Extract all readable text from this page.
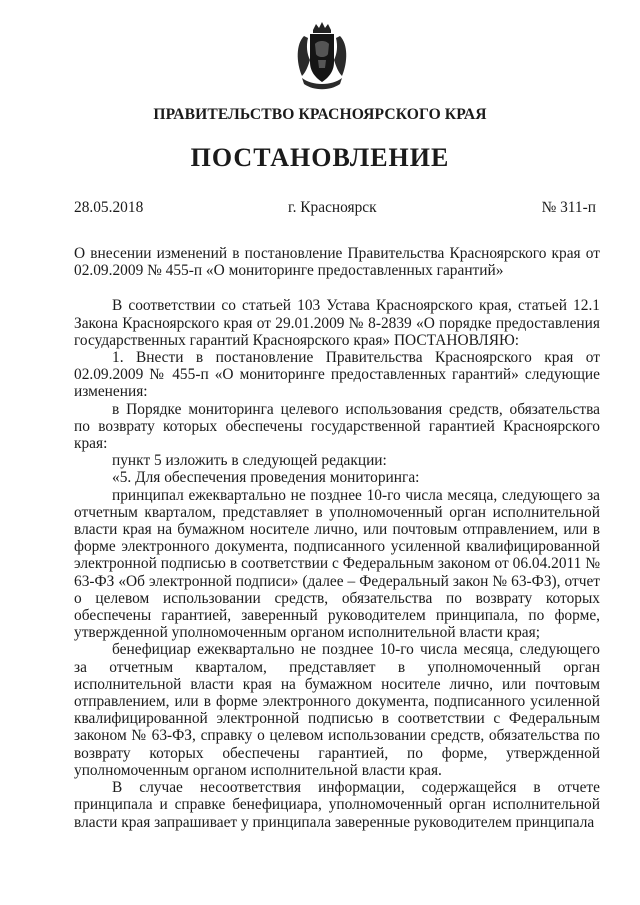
ПРАВИТЕЛЬСТВО КРАСНОЯРСКОГО КРАЯ
ПОСТАНОВЛЕНИЕ
28.05.2018	г. Красноярск	№ 311-п

О внесении изменений в постановление Правительства Красноярского края от 02.09.2009 № 455-п «О мониторинге предоставленных гарантий»

В соответствии со статьей 103 Устава Красноярского края, статьей 12.1 Закона Красноярского края от 29.01.2009 № 8-2839 «О порядке предоставления государственных гарантий Красноярского края» ПОСТАНОВЛЯЮ:

1. Внести в постановление Правительства Красноярского края от 02.09.2009 № 455-п «О мониторинге предоставленных гарантий» следующие изменения:

в Порядке мониторинга целевого использования средств, обязательства по возврату которых обеспечены государственной гарантией Красноярского края:

пункт 5 изложить в следующей редакции:

«5. Для обеспечения проведения мониторинга:

принципал ежеквартально не позднее 10-го числа месяца, следующего за отчетным кварталом, представляет в уполномоченный орган исполнительной власти края на бумажном носителе лично, или почтовым отправлением, или в форме электронного документа, подписанного усиленной квалифицированной электронной подписью в соответствии с Федеральным законом от 06.04.2011 № 63-ФЗ «Об электронной подписи» (далее – Федеральный закон № 63-ФЗ), отчет о целевом использовании средств, обязательства по возврату которых обеспечены гарантией, заверенный руководителем принципала, по форме, утвержденной уполномоченным органом исполнительной власти края;

бенефициар ежеквартально не позднее 10-го числа месяца, следующего за отчетным кварталом, представляет в уполномоченный орган исполнительной власти края на бумажном носителе лично, или почтовым отправлением, или в форме электронного документа, подписанного усиленной квалифицированной электронной подписью в соответствии с Федеральным законом № 63-ФЗ, справку о целевом использовании средств, обязательства по возврату которых обеспечены гарантией, по форме, утвержденной уполномоченным органом исполнительной власти края.

В случае несоответствия информации, содержащейся в отчете принципала и справке бенефициара, уполномоченный орган исполнительной власти края запрашивает у принципала заверенные руководителем принципала
